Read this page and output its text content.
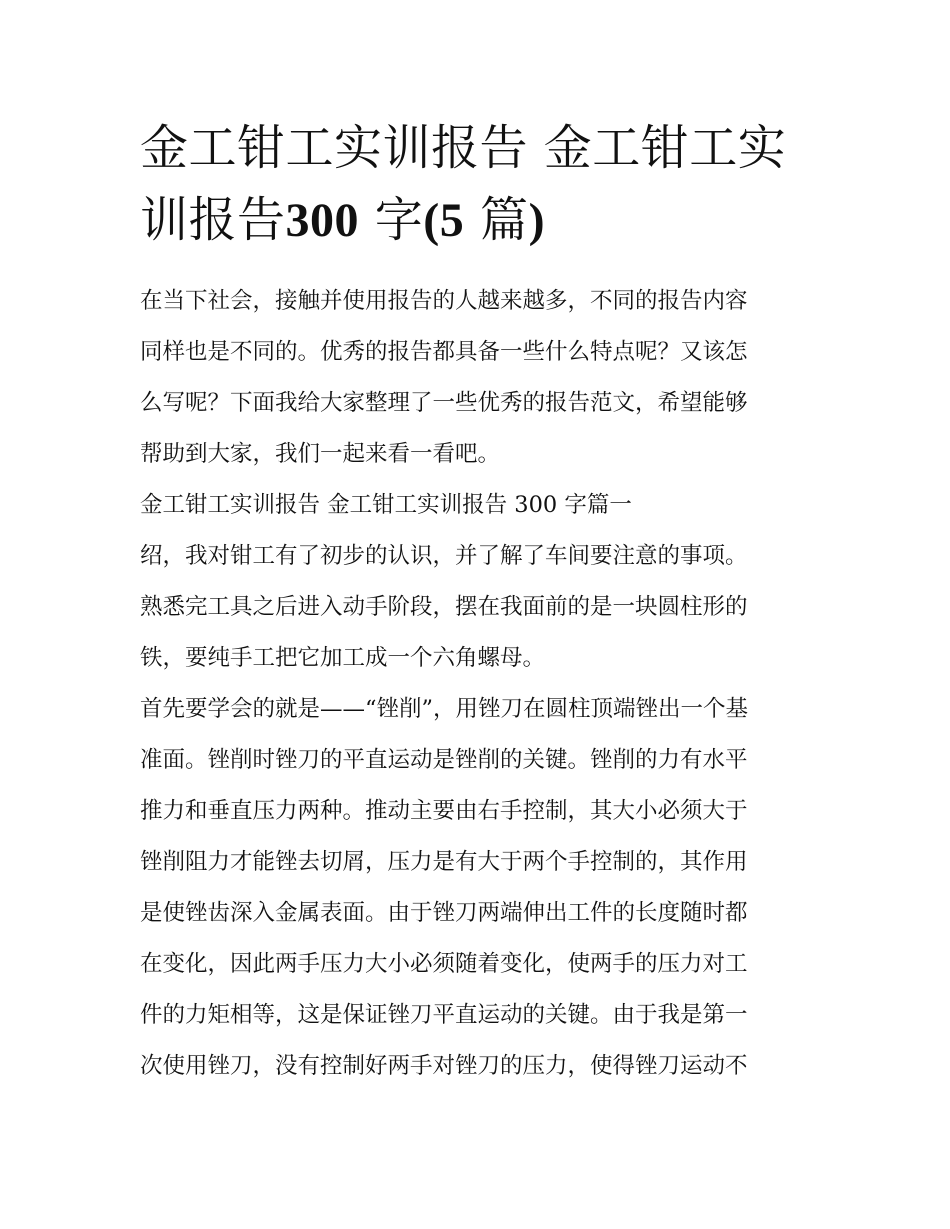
金工钳工实训报告 金工钳工实训报告300 字(5 篇)
在当下社会，接触并使用报告的人越来越多，不同的报告内容
同样也是不同的。优秀的报告都具备一些什么特点呢？又该怎
么写呢？下面我给大家整理了一些优秀的报告范文，希望能够
帮助到大家，我们一起来看一看吧。
金工钳工实训报告 金工钳工实训报告 300 字篇一
绍，我对钳工有了初步的认识，并了解了车间要注意的事项。
熟悉完工具之后进入动手阶段，摆在我面前的是一块圆柱形的
铁，要纯手工把它加工成一个六角螺母。
首先要学会的就是——“锉削”，用锉刀在圆柱顶端锉出一个基
准面。锉削时锉刀的平直运动是锉削的关键。锉削的力有水平
推力和垂直压力两种。推动主要由右手控制，其大小必须大于
锉削阻力才能锉去切屑，压力是有大于两个手控制的，其作用
是使锉齿深入金属表面。由于锉刀两端伸出工件的长度随时都
在变化，因此两手压力大小必须随着变化，使两手的压力对工
件的力矩相等，这是保证锉刀平直运动的关键。由于我是第一
次使用锉刀，没有控制好两手对锉刀的压力，使得锉刀运动不
